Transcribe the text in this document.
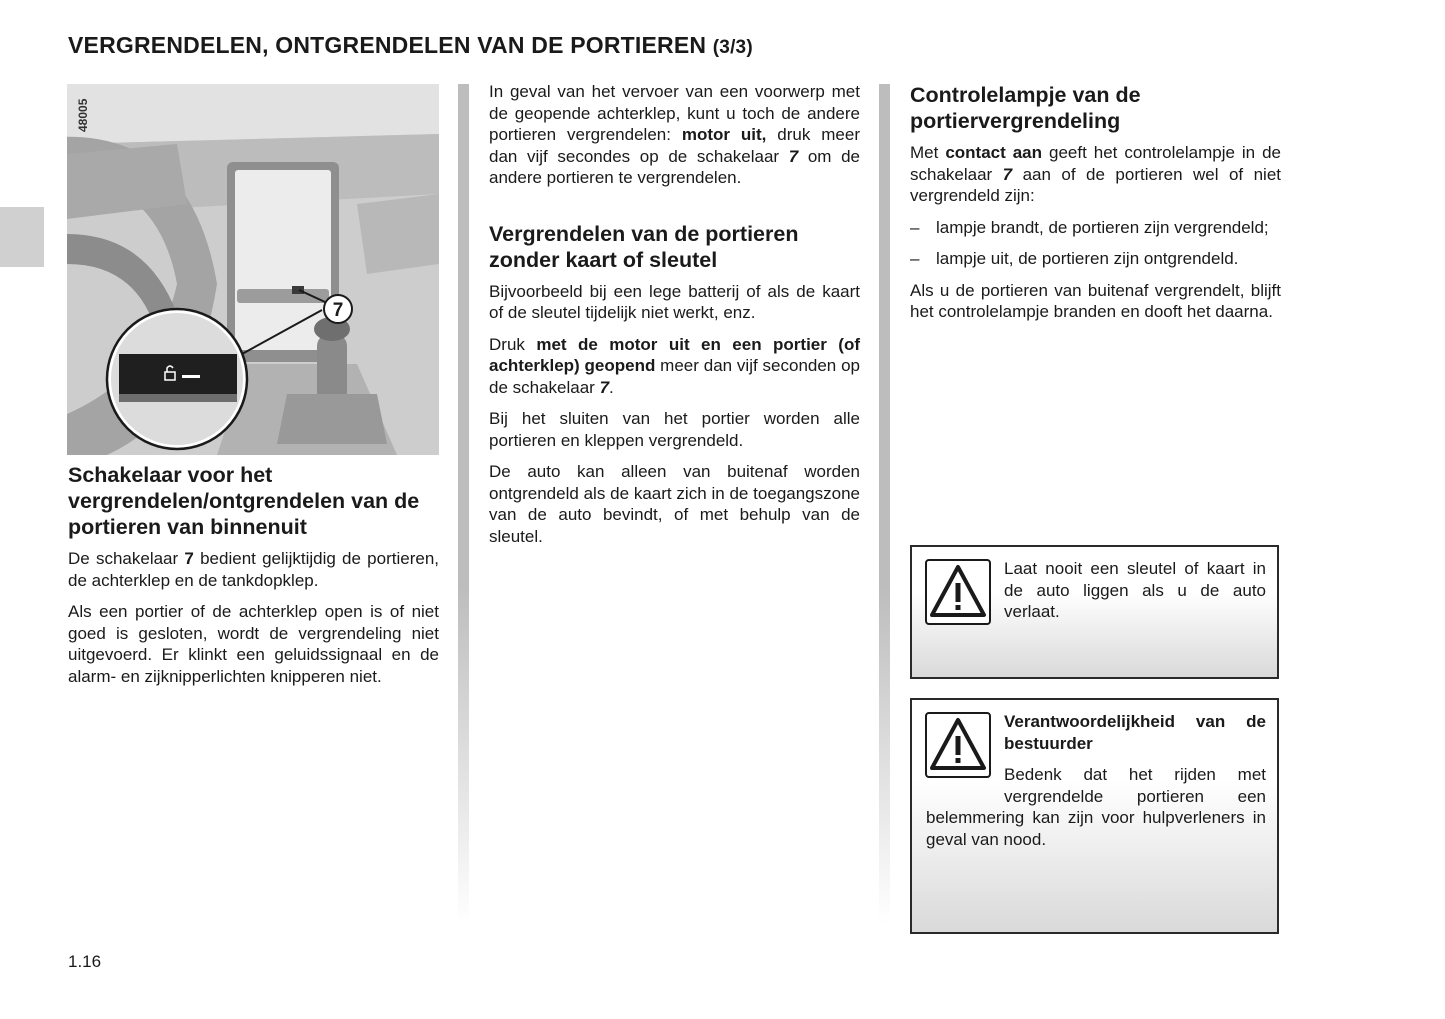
VERGRENDELEN, ONTGRENDELEN VAN DE PORTIEREN (3/3)
7
48005
Schakelaar voor het vergrendelen/ontgrendelen van de portieren van binnenuit

De schakelaar 7 bedient gelijktijdig de portieren, de achterklep en de tankdopklep.

Als een portier of de achterklep open is of niet goed is gesloten, wordt de vergrendeling niet uitgevoerd. Er klinkt een geluidssignaal en de alarm- en zijknipperlichten knipperen niet.

In geval van het vervoer van een voorwerp met de geopende achterklep, kunt u toch de andere portieren vergrendelen: motor uit, druk meer dan vijf secondes op de schakelaar 7 om de andere portieren te vergrendelen.

Vergrendelen van de portieren zonder kaart of sleutel

Bijvoorbeeld bij een lege batterij of als de kaart of de sleutel tijdelijk niet werkt, enz.

Druk met de motor uit en een portier (of achterklep) geopend meer dan vijf seconden op de schakelaar 7.

Bij het sluiten van het portier worden alle portieren en kleppen vergrendeld.

De auto kan alleen van buitenaf worden ontgrendeld als de kaart zich in de toegangszone van de auto bevindt, of met behulp van de sleutel.

Controlelampje van de portiervergrendeling

Met contact aan geeft het controlelampje in de schakelaar 7 aan of de portieren wel of niet vergrendeld zijn:

– lampje brandt, de portieren zijn vergrendeld;
– lampje uit, de portieren zijn ontgrendeld.

Als u de portieren van buitenaf vergrendelt, blijft het controlelampje branden en dooft het daarna.

Laat nooit een sleutel of kaart in de auto liggen als u de auto verlaat.
Verantwoordelijkheid van de bestuurder
Bedenk dat het rijden met vergrendelde portieren een belemmering kan zijn voor hulpverleners in geval van nood.
1.16
